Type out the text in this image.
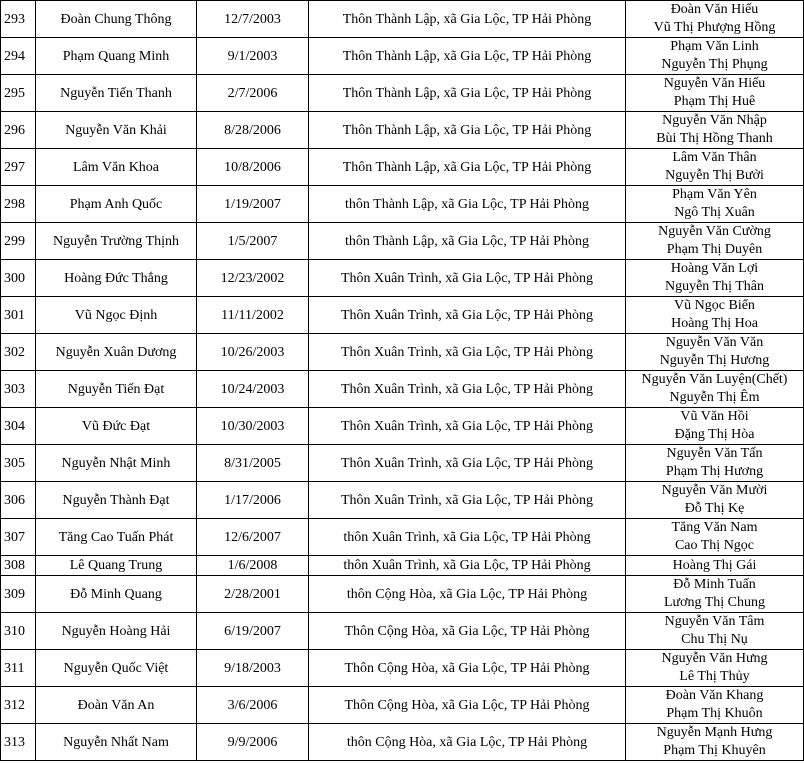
293	Đoàn Chung Thông	12/7/2003	Thôn Thành Lập, xã Gia Lộc, TP Hải Phòng	Đoàn Văn Hiếu
Vũ Thị Phượng Hồng

294	Phạm Quang Minh	9/1/2003	Thôn Thành Lập, xã Gia Lộc, TP Hải Phòng	Phạm Văn Linh
Nguyễn Thị Phụng

295	Nguyễn Tiến Thanh	2/7/2006	Thôn Thành Lập, xã Gia Lộc, TP Hải Phòng	Nguyễn Văn Hiếu
Phạm Thị Huê

296	Nguyễn Văn Khải	8/28/2006	Thôn Thành Lập, xã Gia Lộc, TP Hải Phòng	Nguyễn Văn Nhập
Bùi Thị Hồng Thanh

297	Lâm Văn Khoa	10/8/2006	Thôn Thành Lập, xã Gia Lộc, TP Hải Phòng	Lâm Văn Thân
Nguyễn Thị Bưởi

298	Phạm Anh Quốc	1/19/2007	thôn Thành Lập, xã Gia Lộc, TP Hải Phòng	Phạm Văn Yên
Ngô Thị Xuân

299	Nguyễn Trường Thịnh	1/5/2007	thôn Thành Lập, xã Gia Lộc, TP Hải Phòng	Nguyễn Văn Cường
Phạm Thị Duyên

300	Hoàng Đức Thắng	12/23/2002	Thôn Xuân Trình, xã Gia Lộc, TP Hải Phòng	Hoàng Văn Lợi
Nguyễn Thị Thân

301	Vũ Ngọc Định	11/11/2002	Thôn Xuân Trình, xã Gia Lộc, TP Hải Phòng	Vũ Ngọc Biển
Hoàng Thị Hoa

302	Nguyễn Xuân Dương	10/26/2003	Thôn Xuân Trình, xã Gia Lộc, TP Hải Phòng	Nguyễn Văn Văn
Nguyễn Thị Hương

303	Nguyễn Tiến Đạt	10/24/2003	Thôn Xuân Trình, xã Gia Lộc, TP Hải Phòng	Nguyễn Văn Luyện(Chết)
Nguyễn Thị Êm

304	Vũ Đức Đạt	10/30/2003	Thôn Xuân Trình, xã Gia Lộc, TP Hải Phòng	Vũ Văn Hồi
Đặng Thị Hòa

305	Nguyễn Nhật Minh	8/31/2005	Thôn Xuân Trình, xã Gia Lộc, TP Hải Phòng	Nguyễn Văn Tấn
Phạm Thị Hương

306	Nguyễn Thành Đạt	1/17/2006	Thôn Xuân Trình, xã Gia Lộc, TP Hải Phòng	Nguyễn Văn Mười
Đỗ Thị Kẹ

307	Tăng Cao Tuấn Phát	12/6/2007	thôn Xuân Trình, xã Gia Lộc, TP Hải Phòng	Tăng Văn Nam
Cao Thị Ngọc

308	Lê Quang Trung	1/6/2008	thôn Xuân Trình, xã Gia Lộc, TP Hải Phòng	Hoàng Thị Gái

309	Đỗ Minh Quang	2/28/2001	thôn Cộng Hòa, xã Gia Lộc, TP Hải Phòng	Đỗ Minh Tuấn
Lương Thị Chung

310	Nguyễn Hoàng Hải	6/19/2007	Thôn Cộng Hòa, xã Gia Lộc, TP Hải Phòng	Nguyễn Văn Tâm
Chu Thị Nụ

311	Nguyễn Quốc Việt	9/18/2003	Thôn Cộng Hòa, xã Gia Lộc, TP Hải Phòng	Nguyễn Văn Hưng
Lê Thị Thủy

312	Đoàn Văn An	3/6/2006	Thôn Cộng Hòa, xã Gia Lộc, TP Hải Phòng	Đoàn Văn Khang
Phạm Thị Khuôn

313	Nguyễn Nhất Nam	9/9/2006	thôn Cộng Hòa, xã Gia Lộc, TP Hải Phòng	Nguyễn Mạnh Hưng
Phạm Thị Khuyên
